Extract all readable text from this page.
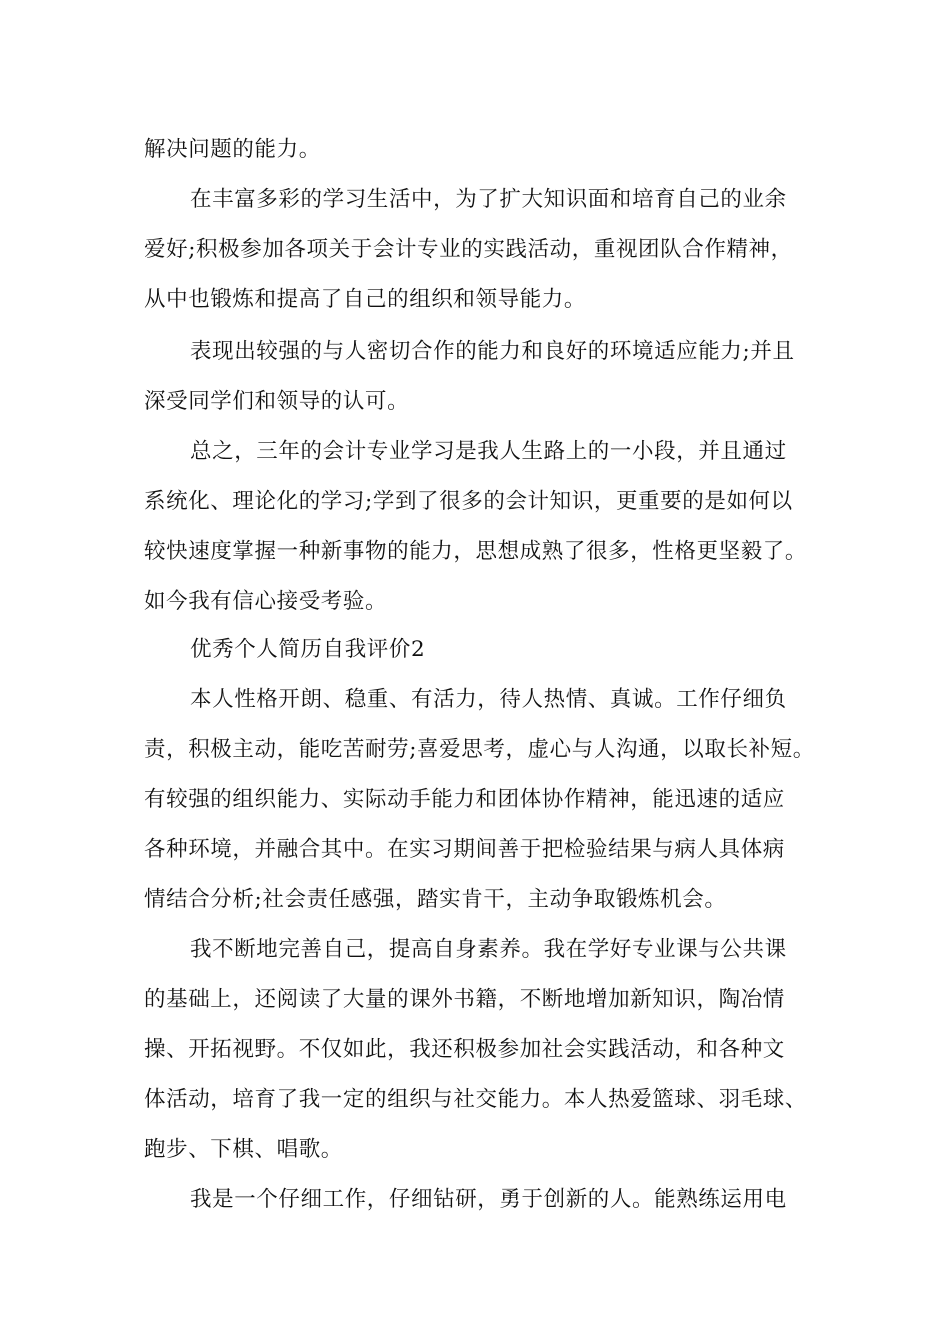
解决问题的能力。
在丰富多彩的学习生活中，为了扩大知识面和培育自己的业余
爱好;积极参加各项关于会计专业的实践活动，重视团队合作精神，
从中也锻炼和提高了自己的组织和领导能力。
表现出较强的与人密切合作的能力和良好的环境适应能力;并且
深受同学们和领导的认可。
总之，三年的会计专业学习是我人生路上的一小段，并且通过
系统化、理论化的学习;学到了很多的会计知识，更重要的是如何以
较快速度掌握一种新事物的能力，思想成熟了很多，性格更坚毅了。
如今我有信心接受考验。
优秀个人简历自我评价2
本人性格开朗、稳重、有活力，待人热情、真诚。工作仔细负
责，积极主动，能吃苦耐劳;喜爱思考，虚心与人沟通，以取长补短。
有较强的组织能力、实际动手能力和团体协作精神，能迅速的适应
各种环境，并融合其中。在实习期间善于把检验结果与病人具体病
情结合分析;社会责任感强，踏实肯干，主动争取锻炼机会。
我不断地完善自己，提高自身素养。我在学好专业课与公共课
的基础上，还阅读了大量的课外书籍，不断地增加新知识，陶冶情
操、开拓视野。不仅如此，我还积极参加社会实践活动，和各种文
体活动，培育了我一定的组织与社交能力。本人热爱篮球、羽毛球、
跑步、下棋、唱歌。
我是一个仔细工作，仔细钻研，勇于创新的人。能熟练运用电
